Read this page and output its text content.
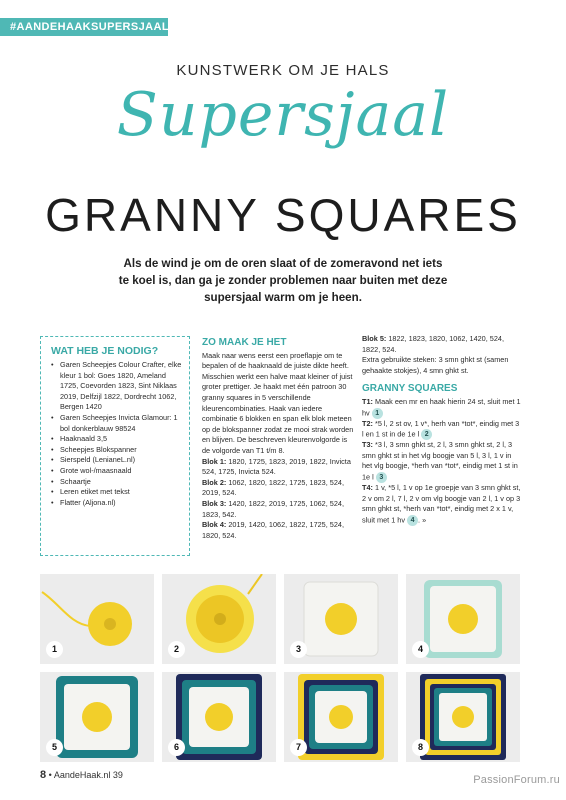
#AANDEHAAKSUPERSJAAL
KUNSTWERK OM JE HALS
Supersjaal
GRANNY SQUARES

Als de wind je om de oren slaat of de zomeravond net iets te koel is, dan ga je zonder problemen naar buiten met deze supersjaal warm om je heen.

WAT HEB JE NODIG?
• Garen Scheepjes Colour Crafter, elke kleur 1 bol: Goes 1820, Ameland 1725, Coevorden 1823, Sint Niklaas 2019, Delfzijl 1822, Dordrecht 1062, Bergen 1420
• Garen Scheepjes Invicta Glamour: 1 bol donkerblauw 98524
• Haaknaald 3,5
• Scheepjes Blokspanner
• Sierspeld (LenianeL.nl)
• Grote wol-/maasnaald
• Schaartje
• Leren etiket met tekst
• Flatter (Aljona.nl)
ZO MAAK JE HET

Maak naar wens eerst een proeflapje om te bepalen of de haaknaald de juiste dikte heeft. Misschien werkt een halve maat kleiner of juist groter prettiger. Je haakt met één patroon 30 granny squares in 5 verschillende kleurencombinaties. Haak van iedere combinatie 6 blokken en span elk blok meteen op de blokspanner zodat ze mooi strak worden en blijven. De beschreven kleurenvolgorde is de volgorde van T1 t/m 8.

Blok 1: 1820, 1725, 1823, 2019, 1822, Invicta 524, 1725, Invicta 524.

Blok 2: 1062, 1820, 1822, 1725, 1823, 524, 2019, 524.

Blok 3: 1420, 1822, 2019, 1725, 1062, 524, 1823, 542.

Blok 4: 2019, 1420, 1062, 1822, 1725, 524, 1820, 524.

Blok 5: 1822, 1823, 1820, 1062, 1420, 524, 1822, 524.

Extra gebruikte steken: 3 smn ghkt st (samen gehaakte stokjes), 4 smn ghkt st.

GRANNY SQUARES

T1: Maak een mr en haak hierin 24 st, sluit met 1 hv 1

T2: *5 l, 2 st ov, 1 v*, herh van *tot*, eindig met 3 l en 1 st in de 1e l 2

T3: *3 l, 3 smn ghkt st, 2 l, 3 smn ghkt st, 2 l, 3 smn ghkt st in het vlg boogje van 5 l, 3 l, 1 v in het vlg boogje, *herh van *tot*, eindig met 1 st in 1e l 3

T4: 1 v, *5 l, 1 v op 1e groepje van 3 smn ghkt st, 2 v om 2 l, 7 l, 2 v om vlg boogje van 2 l, 1 v op 3 smn ghkt st, *herh van *tot*, eindig met 2 x 1 v, sluit met 1 hv 4 . »

1	2	3	4
5	6	7	8
8 • AandeHaak.nl 39	PassionForum.ru
